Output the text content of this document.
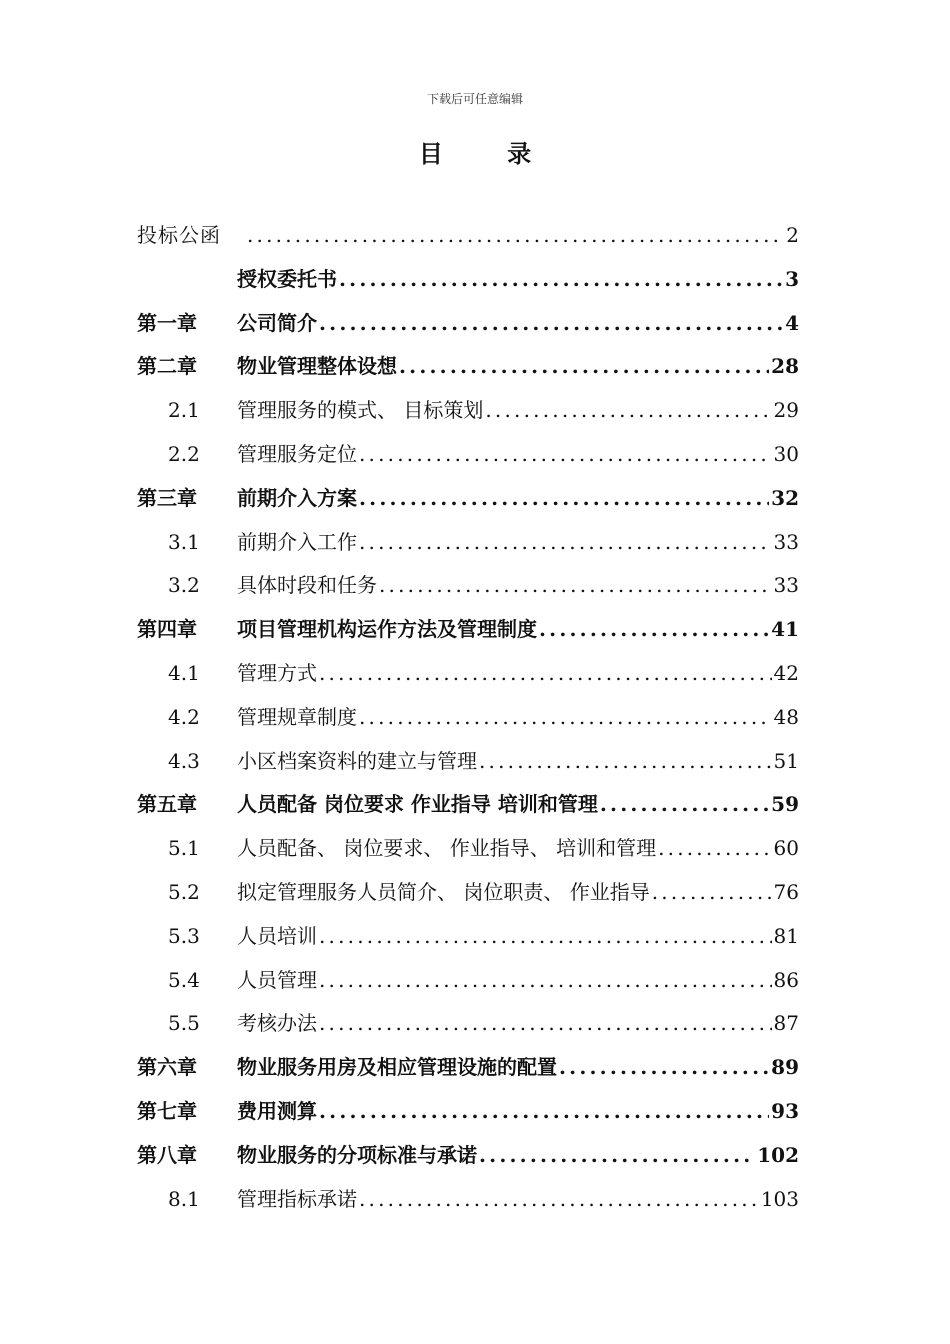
下载后可任意编辑
目 录
投标公函 .....	2
授权委托书 .....	3
第一章	公司简介 .....	4
第二章	物业管理整体设想 .....	28
2.1	管理服务的模式、 目标策划 .....	29
2.2	管理服务定位 .....	30
第三章	前期介入方案 .....	32
3.1	前期介入工作 .....	33
3.2	具体时段和任务 .....	33
第四章	项目管理机构运作方法及管理制度 .....	41
4.1	管理方式 .....	42
4.2	管理规章制度 .....	48
4.3	小区档案资料的建立与管理 .....	51
第五章	人员配备 岗位要求 作业指导 培训和管理 .....	59
5.1	人员配备、 岗位要求、 作业指导、 培训和管理 .....	60
5.2	拟定管理服务人员简介、 岗位职责、 作业指导 .....	76
5.3	人员培训 .....	81
5.4	人员管理 .....	86
5.5	考核办法 .....	87
第六章	物业服务用房及相应管理设施的配置 .....	89
第七章	费用测算 .....	93
第八章	物业服务的分项标准与承诺 .....	102
8.1	管理指标承诺 .....	103
